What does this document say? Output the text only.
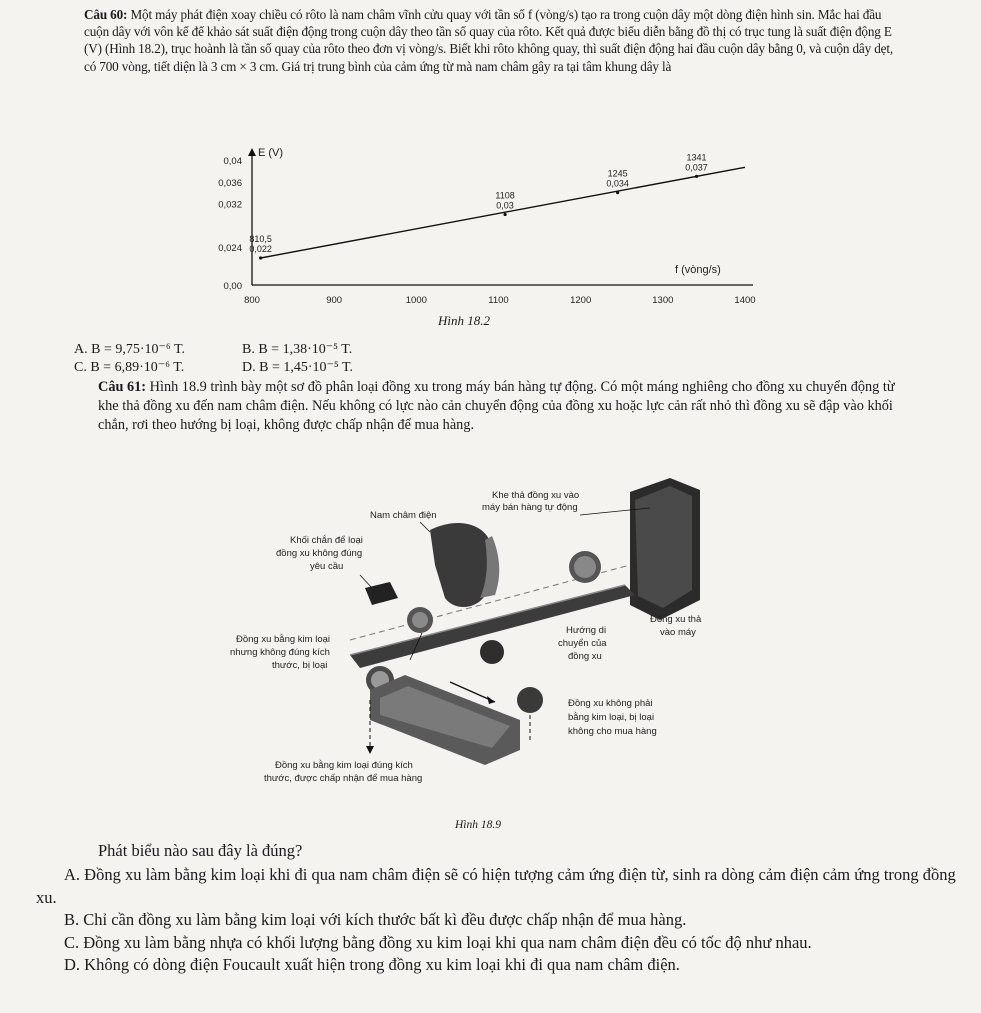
Câu 60: Một máy phát điện xoay chiều có rôto là nam châm vĩnh cửu quay với tần số f (vòng/s) tạo ra trong cuộn dây một dòng điện hình sin. Mắc hai đầu cuộn dây với vôn kế để khảo sát suất điện động trong cuộn dây theo tần số quay của rôto. Kết quả được biểu diễn bằng đồ thị có trục tung là suất điện động E (V) (Hình 18.2), trục hoành là tần số quay của rôto theo đơn vị vòng/s. Biết khi rôto không quay, thì suất điện động hai đầu cuộn dây bằng 0, và cuộn dây dẹt, có 700 vòng, tiết diện là 3 cm × 3 cm. Giá trị trung bình của cảm ứng từ mà nam châm gây ra tại tâm khung dây là
E (V)
f (vòng/s)
0,04
0,036
0,032
0,024
0,00
800	900	1000	1100	1200	1300	1400
810,5
0,022
1108
0,03
1245
0,034
1341
0,037
Hình 18.2
A. B = 9,75·10⁻⁶ T.	B. B = 1,38·10⁻⁵ T.
C. B = 6,89·10⁻⁶ T.	D. B = 1,45·10⁻⁵ T.
Câu 61: Hình 18.9 trình bày một sơ đồ phân loại đồng xu trong máy bán hàng tự động. Có một máng nghiêng cho đồng xu chuyển động từ khe thả đồng xu đến nam châm điện. Nếu không có lực nào cản chuyển động của đồng xu hoặc lực cản rất nhỏ thì đồng xu sẽ đập vào khối chắn, rơi theo hướng bị loại, không được chấp nhận để mua hàng.
Khe thả đồng xu vào
máy bán hàng tự động
Nam châm điện
Khối chắn để loại
đồng xu không đúng
yêu cầu
Đồng xu thả
vào máy
Hướng di
chuyển của
đồng xu
Đồng xu bằng kim loại
nhưng không đúng kích
thước, bị loại
Đồng xu không phải
bằng kim loại, bị loại
không cho mua hàng
Đồng xu bằng kim loại đúng kích
thước, được chấp nhận để mua hàng
Hình 18.9
Phát biểu nào sau đây là đúng?
A. Đồng xu làm bằng kim loại khi đi qua nam châm điện sẽ có hiện tượng cảm ứng điện từ, sinh ra dòng cảm điện cảm ứng trong đồng xu.
B. Chỉ cần đồng xu làm bằng kim loại với kích thước bất kì đều được chấp nhận để mua hàng.
C. Đồng xu làm bằng nhựa có khối lượng bằng đồng xu kim loại khi qua nam châm điện đều có tốc độ như nhau.
D. Không có dòng điện Foucault xuất hiện trong đồng xu kim loại khi đi qua nam châm điện.
